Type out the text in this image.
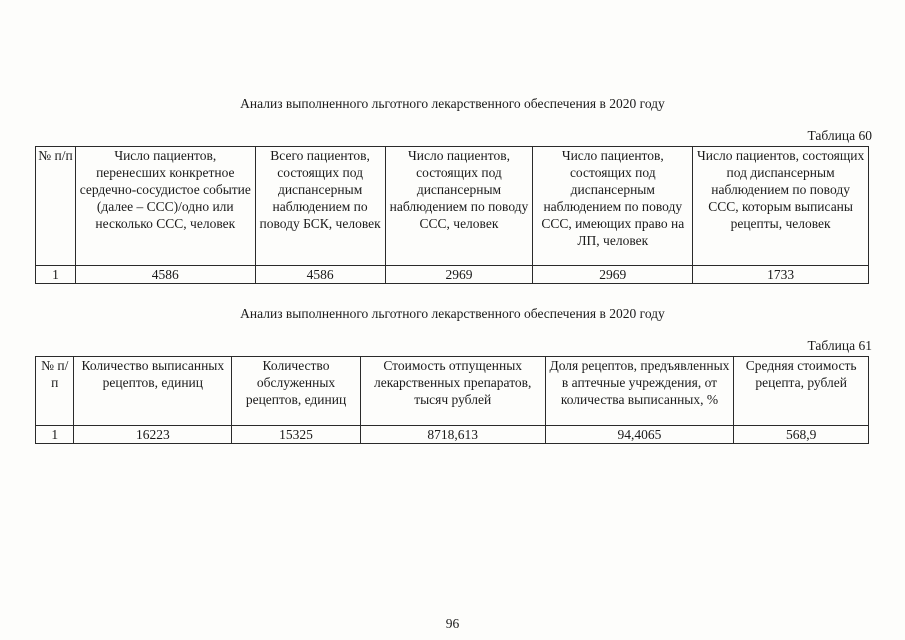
Анализ выполненного льготного лекарственного обеспечения в 2020 году
Таблица 60
№ п/п	Число пациентов, перенесших конкретное сердечно-сосудистое событие (далее – ССС)/одно или несколько ССС, человек	Всего пациентов, состоящих под диспансерным наблюдением по поводу БСК, человек	Число пациентов, состоящих под диспансерным наблюдением по поводу ССС, человек	Число пациентов, состоящих под диспансерным наблюдением по поводу ССС, имеющих право на ЛП, человек	Число пациентов, состоящих под диспансерным наблюдением по поводу ССС, которым выписаны рецепты, человек
1	4586	4586	2969	2969	1733
Анализ выполненного льготного лекарственного обеспечения в 2020 году
Таблица 61
№ п/п	Количество выписанных рецептов, единиц	Количество обслуженных рецептов, единиц	Стоимость отпущенных лекарственных препаратов, тысяч рублей	Доля рецептов, предъявленных в аптечные учреждения, от количества выписанных, %	Средняя стоимость рецепта, рублей
1	16223	15325	8718,613	94,4065	568,9
96
